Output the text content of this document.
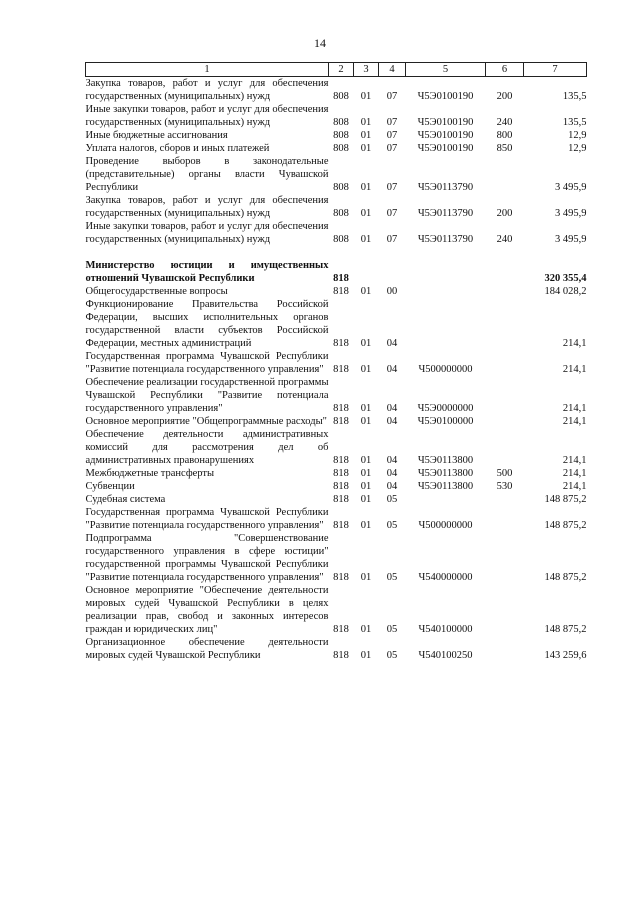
14
1	2	3	4	5	6	7
Закупка товаров, работ и услуг для обеспечения государственных (муниципальных) нужд	808	01	07	Ч5Э0100190	200	135,5
Иные закупки товаров, работ и услуг для обеспечения государственных (муниципальных) нужд	808	01	07	Ч5Э0100190	240	135,5
Иные бюджетные ассигнования	808	01	07	Ч5Э0100190	800	12,9
Уплата налогов, сборов и иных платежей	808	01	07	Ч5Э0100190	850	12,9
Проведение выборов в законодательные (представительные) органы власти Чувашской Республики	808	01	07	Ч5Э0113790		3 495,9
Закупка товаров, работ и услуг для обеспечения государственных (муниципальных) нужд	808	01	07	Ч5Э0113790	200	3 495,9
Иные закупки товаров, работ и услуг для обеспечения государственных (муниципальных) нужд	808	01	07	Ч5Э0113790	240	3 495,9

Министерство юстиции и имущественных отношений Чувашской Республики	818					320 355,4
Общегосударственные вопросы	818	01	00			184 028,2
Функционирование Правительства Российской Федерации, высших исполнительных органов государственной власти субъектов Российской Федерации, местных администраций	818	01	04			214,1
Государственная программа Чувашской Республики "Развитие потенциала государственного управления"	818	01	04	Ч500000000		214,1
Обеспечение реализации государственной программы Чувашской Республики "Развитие потенциала государственного управления"	818	01	04	Ч5Э0000000		214,1
Основное мероприятие "Общепрограммные расходы"	818	01	04	Ч5Э0100000		214,1
Обеспечение деятельности административных комиссий для рассмотрения дел об административных правонарушениях	818	01	04	Ч5Э0113800		214,1
Межбюджетные трансферты	818	01	04	Ч5Э0113800	500	214,1
Субвенции	818	01	04	Ч5Э0113800	530	214,1
Судебная система	818	01	05			148 875,2
Государственная программа Чувашской Республики "Развитие потенциала государственного управления"	818	01	05	Ч500000000		148 875,2
Подпрограмма "Совершенствование государственного управления в сфере юстиции" государственной программы Чувашской Республики "Развитие потенциала государственного управления"	818	01	05	Ч540000000		148 875,2
Основное мероприятие "Обеспечение деятельности мировых судей Чувашской Республики в целях реализации прав, свобод и законных интересов граждан и юридических лиц"	818	01	05	Ч540100000		148 875,2
Организационное обеспечение деятельности мировых судей Чувашской Республики	818	01	05	Ч540100250		143 259,6
